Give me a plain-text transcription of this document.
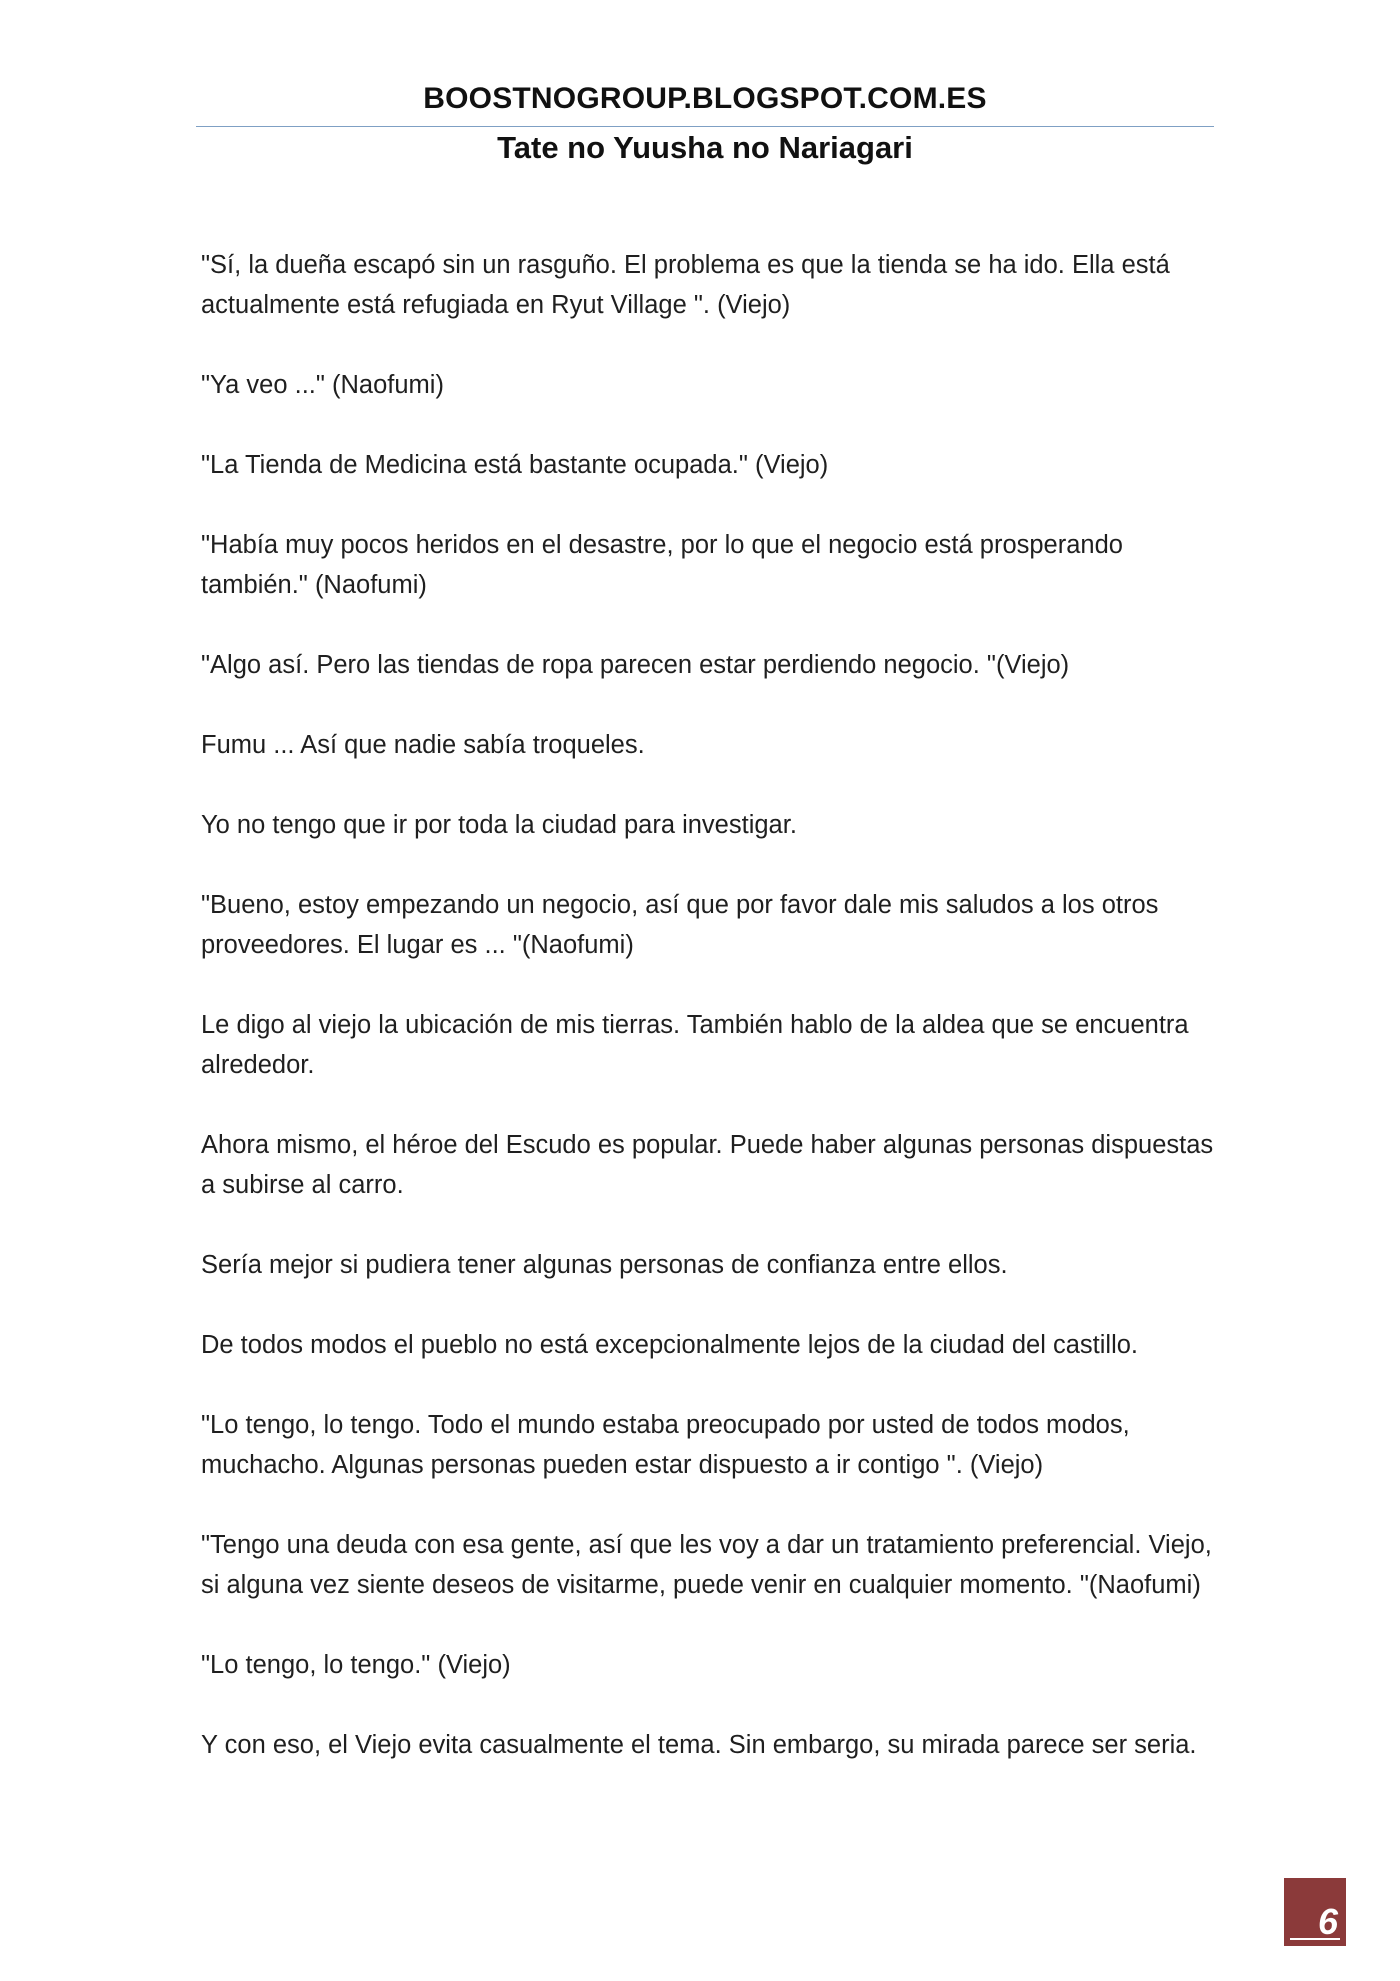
BOOSTNOGROUP.BLOGSPOT.COM.ES
Tate no Yuusha no Nariagari

"Sí, la dueña escapó sin un rasguño. El problema es que la tienda se ha ido. Ella está actualmente está refugiada en Ryut Village ". (Viejo)

"Ya veo ..." (Naofumi)

"La Tienda de Medicina está bastante ocupada." (Viejo)

"Había muy pocos heridos en el desastre, por lo que el negocio está prosperando también." (Naofumi)

"Algo así. Pero las tiendas de ropa parecen estar perdiendo negocio. "(Viejo)

Fumu ... Así que nadie sabía troqueles.

Yo no tengo que ir por toda la ciudad para investigar.

"Bueno, estoy empezando un negocio, así que por favor dale mis saludos a los otros proveedores. El lugar es ... "(Naofumi)

Le digo al viejo la ubicación de mis tierras. También hablo de la aldea que se encuentra alrededor.

Ahora mismo, el héroe del Escudo es popular. Puede haber algunas personas dispuestas a subirse al carro.

Sería mejor si pudiera tener algunas personas de confianza entre ellos.

De todos modos el pueblo no está excepcionalmente lejos de la ciudad del castillo.

"Lo tengo, lo tengo. Todo el mundo estaba preocupado por usted de todos modos, muchacho. Algunas personas pueden estar dispuesto a ir contigo ". (Viejo)

"Tengo una deuda con esa gente, así que les voy a dar un tratamiento preferencial. Viejo, si alguna vez siente deseos de visitarme, puede venir en cualquier momento. "(Naofumi)

"Lo tengo, lo tengo." (Viejo)

Y con eso, el Viejo evita casualmente el tema. Sin embargo, su mirada parece ser seria.

6
